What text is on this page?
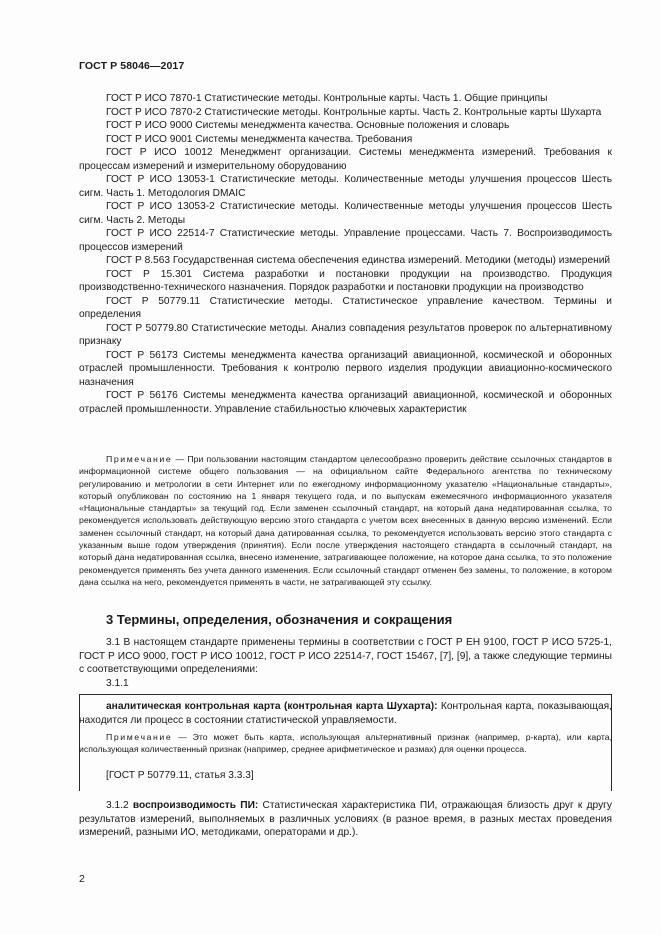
ГОСТ Р 58046—2017

ГОСТ Р ИСО 7870-1 Статистические методы. Контрольные карты. Часть 1. Общие принципы

ГОСТ Р ИСО 7870-2 Статистические методы. Контрольные карты. Часть 2. Контрольные карты Шухарта

ГОСТ Р ИСО 9000 Системы менеджмента качества. Основные положения и словарь

ГОСТ Р ИСО 9001 Системы менеджмента качества. Требования

ГОСТ Р ИСО 10012 Менеджмент организации. Системы менеджмента измерений. Требования к процессам измерений и измерительному оборудованию

ГОСТ Р ИСО 13053-1 Статистические методы. Количественные методы улучшения процессов Шесть сигм. Часть 1. Методология DMAIC

ГОСТ Р ИСО 13053-2 Статистические методы. Количественные методы улучшения процессов Шесть сигм. Часть 2. Методы

ГОСТ Р ИСО 22514-7 Статистические методы. Управление процессами. Часть 7. Воспроизводимость процессов измерений

ГОСТ Р 8.563 Государственная система обеспечения единства измерений. Методики (методы) измерений

ГОСТ Р 15.301 Система разработки и постановки продукции на производство. Продукция производственно-технического назначения. Порядок разработки и постановки продукции на производство

ГОСТ Р 50779.11 Статистические методы. Статистическое управление качеством. Термины и определения

ГОСТ Р 50779.80 Статистические методы. Анализ совпадения результатов проверок по альтернативному признаку

ГОСТ Р 56173 Системы менеджмента качества организаций авиационной, космической и оборонных отраслей промышленности. Требования к контролю первого изделия продукции авиационно-космического назначения

ГОСТ Р 56176 Системы менеджмента качества организаций авиационной, космической и оборонных отраслей промышленности. Управление стабильностью ключевых характеристик

Примечание — При пользовании настоящим стандартом целесообразно проверить действие ссылочных стандартов в информационной системе общего пользования — на официальном сайте Федерального агентства по техническому регулированию и метрологии в сети Интернет или по ежегодному информационному указателю «Национальные стандарты», который опубликован по состоянию на 1 января текущего года, и по выпускам ежемесячного информационного указателя «Национальные стандарты» за текущий год. Если заменен ссылочный стандарт, на который дана недатированная ссылка, то рекомендуется использовать действующую версию этого стандарта с учетом всех внесенных в данную версию изменений. Если заменен ссылочный стандарт, на который дана датированная ссылка, то рекомендуется использовать версию этого стандарта с указанным выше годом утверждения (принятия). Если после утверждения настоящего стандарта в ссылочный стандарт, на который дана недатированная ссылка, внесено изменение, затрагивающее положение, на которое дана ссылка, то это положение рекомендуется применять без учета данного изменения. Если ссылочный стандарт отменен без замены, то положение, в котором дана ссылка на него, рекомендуется применять в части, не затрагивающей эту ссылку.

3 Термины, определения, обозначения и сокращения

3.1 В настоящем стандарте применены термины в соответствии с ГОСТ Р ЕН 9100, ГОСТ Р ИСО 5725-1, ГОСТ Р ИСО 9000, ГОСТ Р ИСО 10012, ГОСТ Р ИСО 22514-7, ГОСТ 15467, [7], [9], а также следующие термины с соответствующими определениями:

3.1.1

аналитическая контрольная карта (контрольная карта Шухарта): Контрольная карта, показывающая, находится ли процесс в состоянии статистической управляемости.

Примечание — Это может быть карта, использующая альтернативный признак (например, p-карта), или карта, использующая количественный признак (например, среднее арифметическое и размах) для оценки процесса.

[ГОСТ Р 50779.11, статья 3.3.3]

3.1.2 воспроизводимость ПИ: Статистическая характеристика ПИ, отражающая близость друг к другу результатов измерений, выполняемых в различных условиях (в разное время, в разных местах проведения измерений, разными ИО, методиками, операторами и др.).

2
